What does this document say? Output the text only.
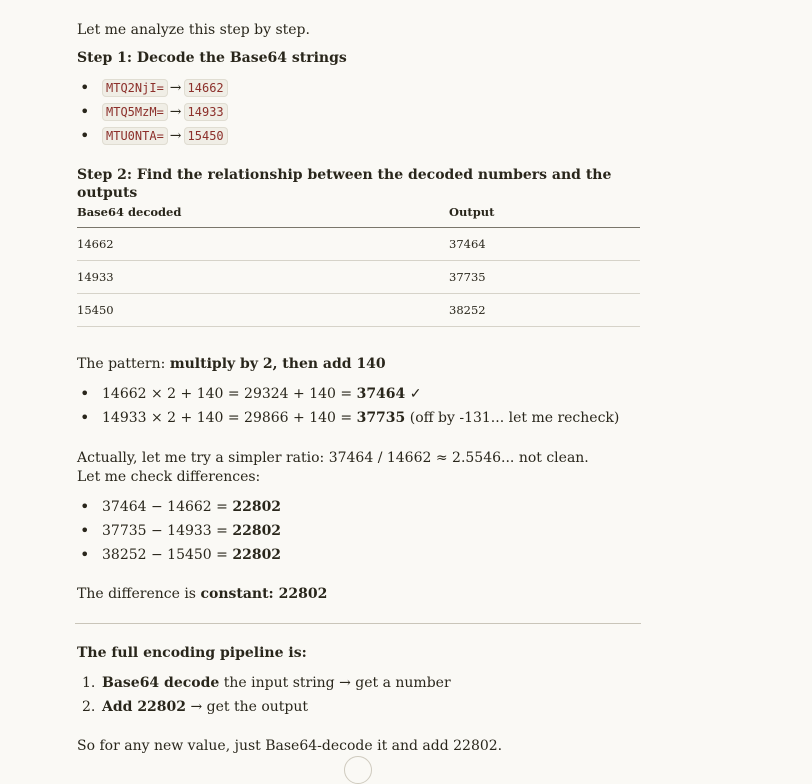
Let me analyze this step by step.
Step 1: Decode the Base64 strings
• MTQ2NjI= → 14662
• MTQ5MzM= → 14933
• MTU0NTA= → 15450
Step 2: Find the relationship between the decoded numbers and the outputs
Base64 decoded	Output
14662	37464
14933	37735
15450	38252
The pattern: multiply by 2, then add 140
• 14662 × 2 + 140 = 29324 + 140 = 37464 ✓
• 14933 × 2 + 140 = 29866 + 140 = 37735 (off by -131... let me recheck)
Actually, let me try a simpler ratio: 37464 / 14662 ≈ 2.5546... not clean. Let me check differences:
• 37464 − 14662 = 22802
• 37735 − 14933 = 22802
• 38252 − 15450 = 22802
The difference is constant: 22802
The full encoding pipeline is:
1. Base64 decode the input string → get a number
2. Add 22802 → get the output
So for any new value, just Base64-decode it and add 22802.
